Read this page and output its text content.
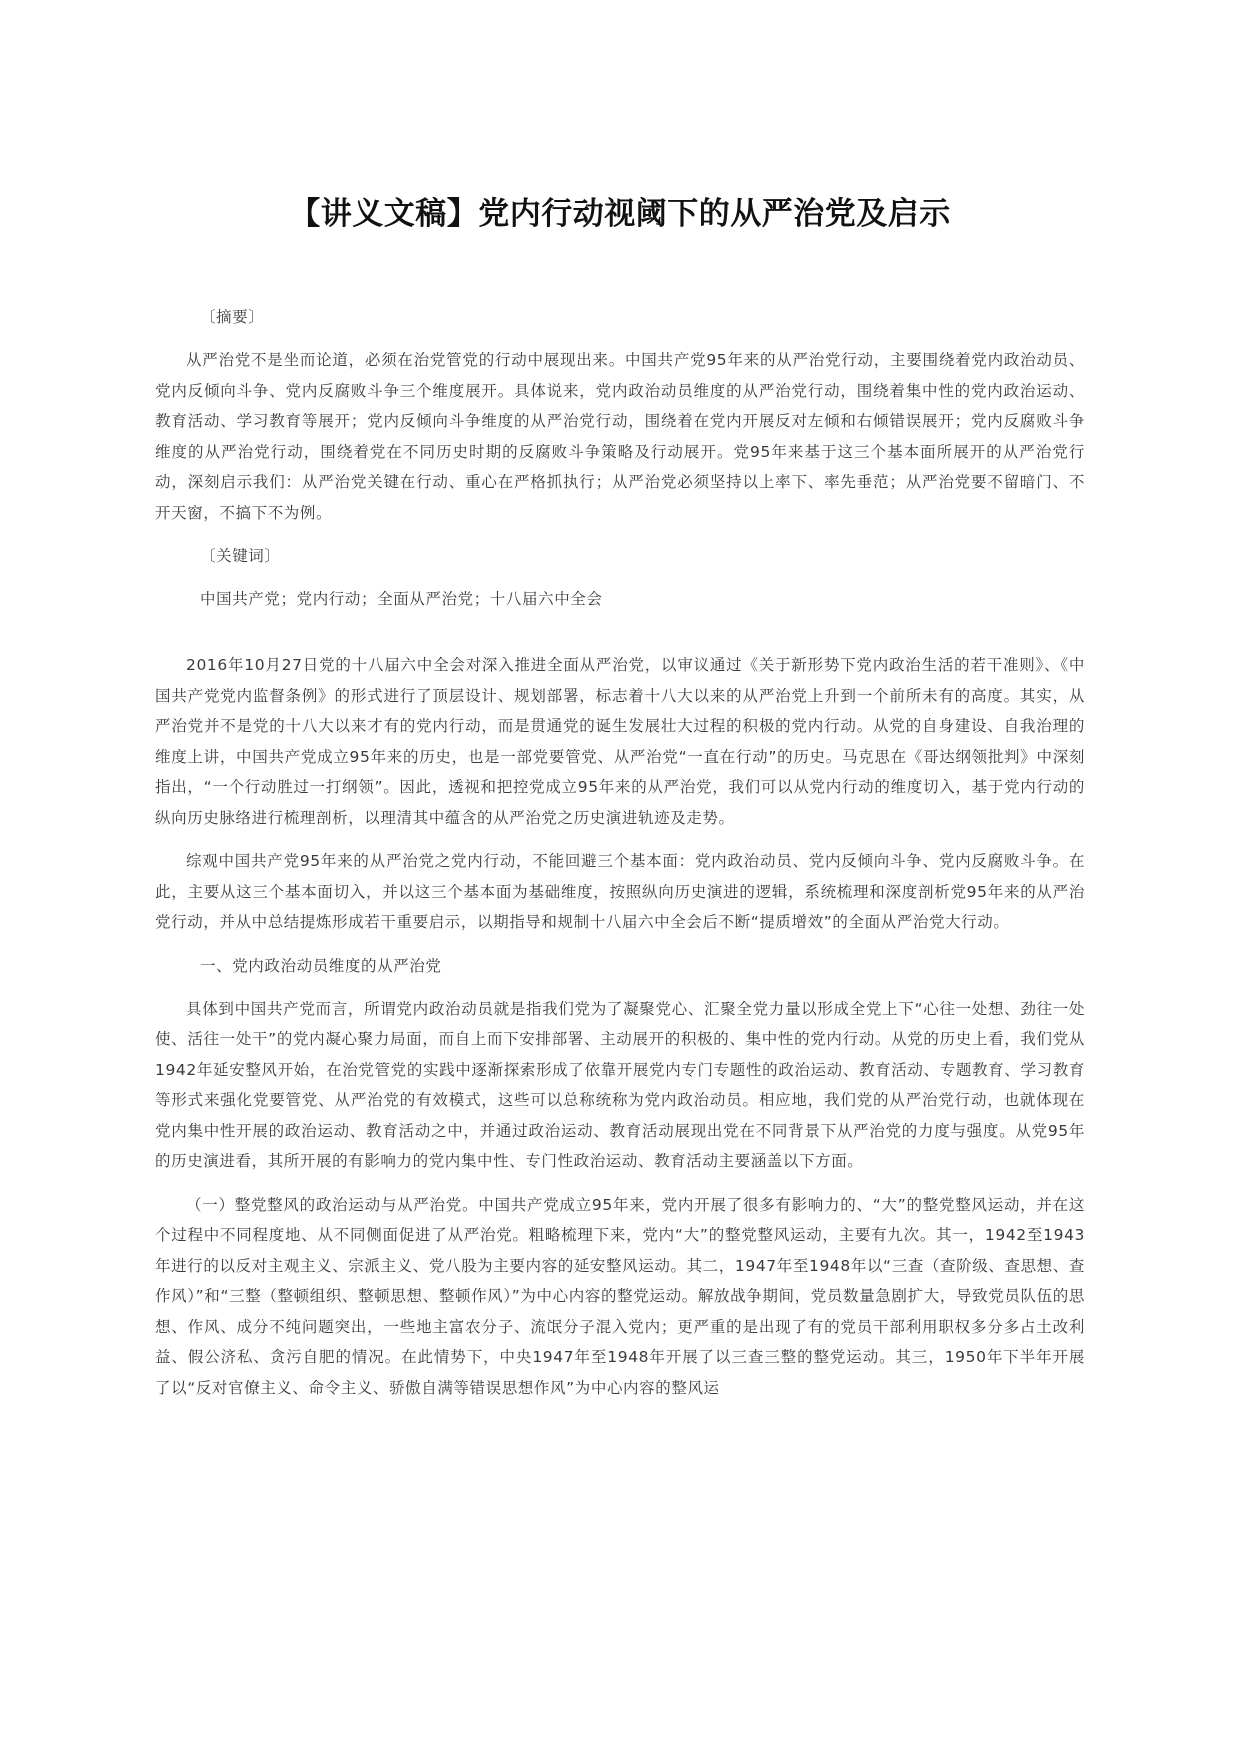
【讲义文稿】党内行动视阈下的从严治党及启示
〔摘要〕

从严治党不是坐而论道，必须在治党管党的行动中展现出来。中国共产党95年来的从严治党行动，主要围绕着党内政治动员、党内反倾向斗争、党内反腐败斗争三个维度展开。具体说来，党内政治动员维度的从严治党行动，围绕着集中性的党内政治运动、教育活动、学习教育等展开；党内反倾向斗争维度的从严治党行动，围绕着在党内开展反对左倾和右倾错误展开；党内反腐败斗争维度的从严治党行动，围绕着党在不同历史时期的反腐败斗争策略及行动展开。党95年来基于这三个基本面所展开的从严治党行动，深刻启示我们：从严治党关键在行动、重心在严格抓执行；从严治党必须坚持以上率下、率先垂范；从严治党要不留暗门、不开天窗，不搞下不为例。

〔关键词〕
中国共产党；党内行动；全面从严治党；十八届六中全会

2016年10月27日党的十八届六中全会对深入推进全面从严治党，以审议通过《关于新形势下党内政治生活的若干准则》、《中国共产党党内监督条例》的形式进行了顶层设计、规划部署，标志着十八大以来的从严治党上升到一个前所未有的高度。其实，从严治党并不是党的十八大以来才有的党内行动，而是贯通党的诞生发展壮大过程的积极的党内行动。从党的自身建设、自我治理的维度上讲，中国共产党成立95年来的历史，也是一部党要管党、从严治党“一直在行动”的历史。马克思在《哥达纲领批判》中深刻指出，“一个行动胜过一打纲领”。因此，透视和把控党成立95年来的从严治党，我们可以从党内行动的维度切入，基于党内行动的纵向历史脉络进行梳理剖析，以理清其中蕴含的从严治党之历史演进轨迹及走势。

综观中国共产党95年来的从严治党之党内行动，不能回避三个基本面：党内政治动员、党内反倾向斗争、党内反腐败斗争。在此，主要从这三个基本面切入，并以这三个基本面为基础维度，按照纵向历史演进的逻辑，系统梳理和深度剖析党95年来的从严治党行动，并从中总结提炼形成若干重要启示，以期指导和规制十八届六中全会后不断“提质增效”的全面从严治党大行动。

一、党内政治动员维度的从严治党

具体到中国共产党而言，所谓党内政治动员就是指我们党为了凝聚党心、汇聚全党力量以形成全党上下“心往一处想、劲往一处使、活往一处干”的党内凝心聚力局面，而自上而下安排部署、主动展开的积极的、集中性的党内行动。从党的历史上看，我们党从1942年延安整风开始，在治党管党的实践中逐渐探索形成了依靠开展党内专门专题性的政治运动、教育活动、专题教育、学习教育等形式来强化党要管党、从严治党的有效模式，这些可以总称统称为党内政治动员。相应地，我们党的从严治党行动，也就体现在党内集中性开展的政治运动、教育活动之中，并通过政治运动、教育活动展现出党在不同背景下从严治党的力度与强度。从党95年的历史演进看，其所开展的有影响力的党内集中性、专门性政治运动、教育活动主要涵盖以下方面。

（一）整党整风的政治运动与从严治党。中国共产党成立95年来，党内开展了很多有影响力的、“大”的整党整风运动，并在这个过程中不同程度地、从不同侧面促进了从严治党。粗略梳理下来，党内“大”的整党整风运动，主要有九次。其一，1942至1943年进行的以反对主观主义、宗派主义、党八股为主要内容的延安整风运动。其二，1947年至1948年以“三查（查阶级、查思想、查作风）”和“三整（整顿组织、整顿思想、整顿作风）”为中心内容的整党运动。解放战争期间，党员数量急剧扩大，导致党员队伍的思想、作风、成分不纯问题突出，一些地主富农分子、流氓分子混入党内；更严重的是出现了有的党员干部利用职权多分多占土改利益、假公济私、贪污自肥的情况。在此情势下，中央1947年至1948年开展了以三查三整的整党运动。其三，1950年下半年开展了以“反对官僚主义、命令主义、骄傲自满等错误思想作风”为中心内容的整风运
